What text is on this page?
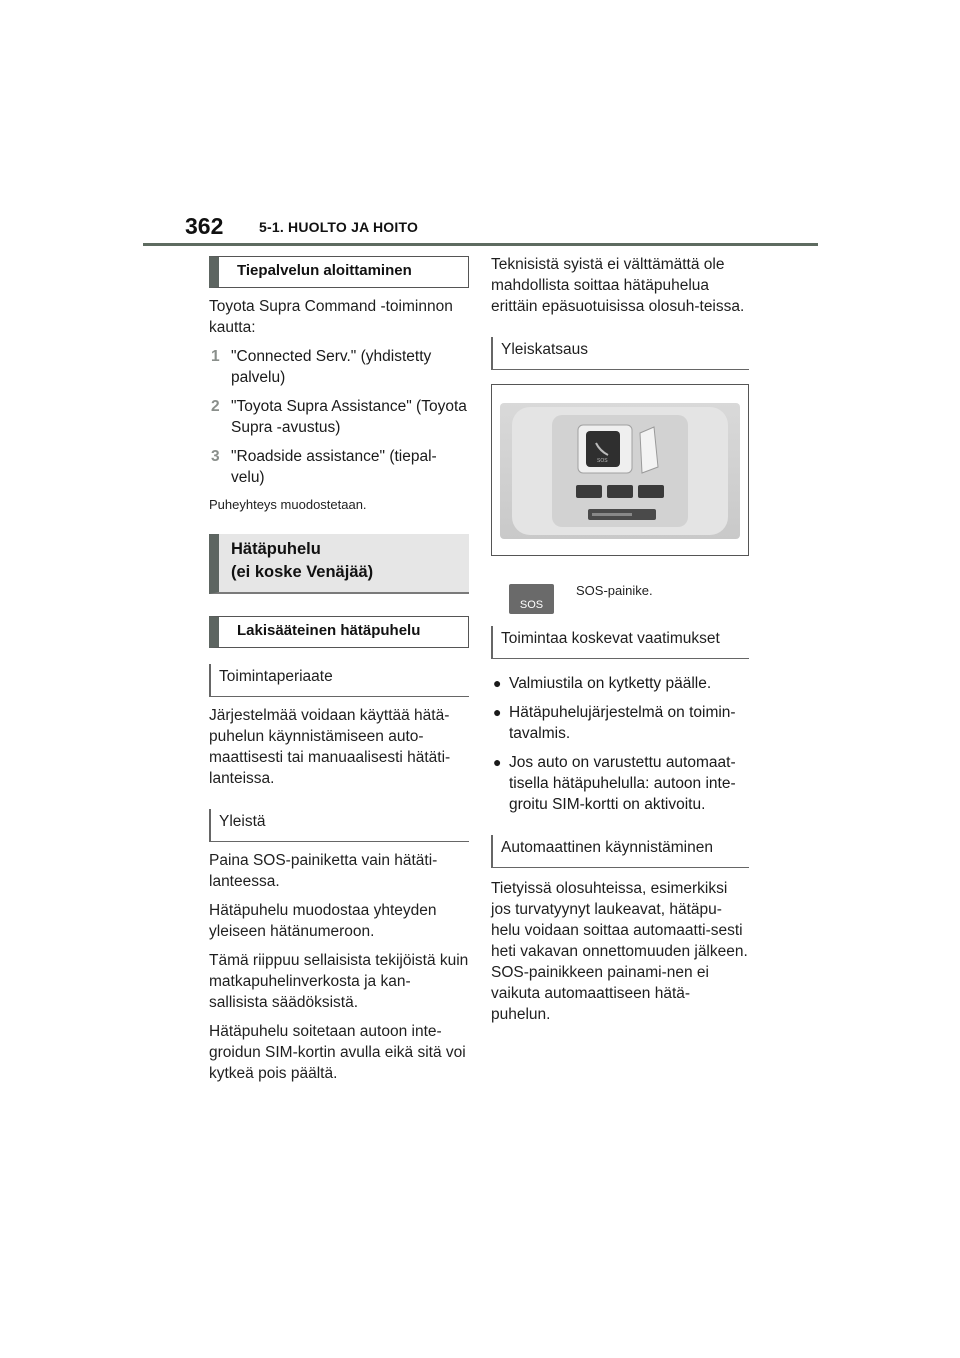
362	5-1. HUOLTO JA HOITO
Tiepalvelun aloittaminen

Toyota Supra Command -toiminnon kautta:

1 "Connected Serv." (yhdistetty palvelu)
2 "Toyota Supra Assistance" (Toyota Supra -avustus)
3 "Roadside assistance" (tiepal-velu)

Puheyhteys muodostetaan.

Hätäpuhelu
(ei koske Venäjää)
Lakisääteinen hätäpuhelu
Toimintaperiaate

Järjestelmää voidaan käyttää hätä-puhelun käynnistämiseen auto-maattisesti tai manuaalisesti hätäti-lanteissa.

Yleistä

Paina SOS-painiketta vain hätäti-lanteessa.

Hätäpuhelu muodostaa yhteyden yleiseen hätänumeroon.

Tämä riippuu sellaisista tekijöistä kuin matkapuhelinverkosta ja kan-sallisista säädöksistä.

Hätäpuhelu soitetaan autoon inte-groidun SIM-kortin avulla eikä sitä voi kytkeä pois päältä.

Teknisistä syistä ei välttämättä ole mahdollista soittaa hätäpuhelua erittäin epäsuotuisissa olosuh-teissa.

Yleiskatsaus
SOS
SOS
SOS-painike.
Toimintaa koskevat vaatimukset
● Valmiustila on kytketty päälle.
● Hätäpuhelujärjestelmä on toimin-tavalmis.
● Jos auto on varustettu automaat-tisella hätäpuhelulla: autoon inte-groitu SIM-kortti on aktivoitu.
Automaattinen käynnistäminen

Tietyissä olosuhteissa, esimerkiksi jos turvatyynyt laukeavat, hätäpu-helu voidaan soittaa automaatti-sesti heti vakavan onnettomuuden jälkeen. SOS-painikkeen painami-nen ei vaikuta automaattiseen hätä-puhelun.
